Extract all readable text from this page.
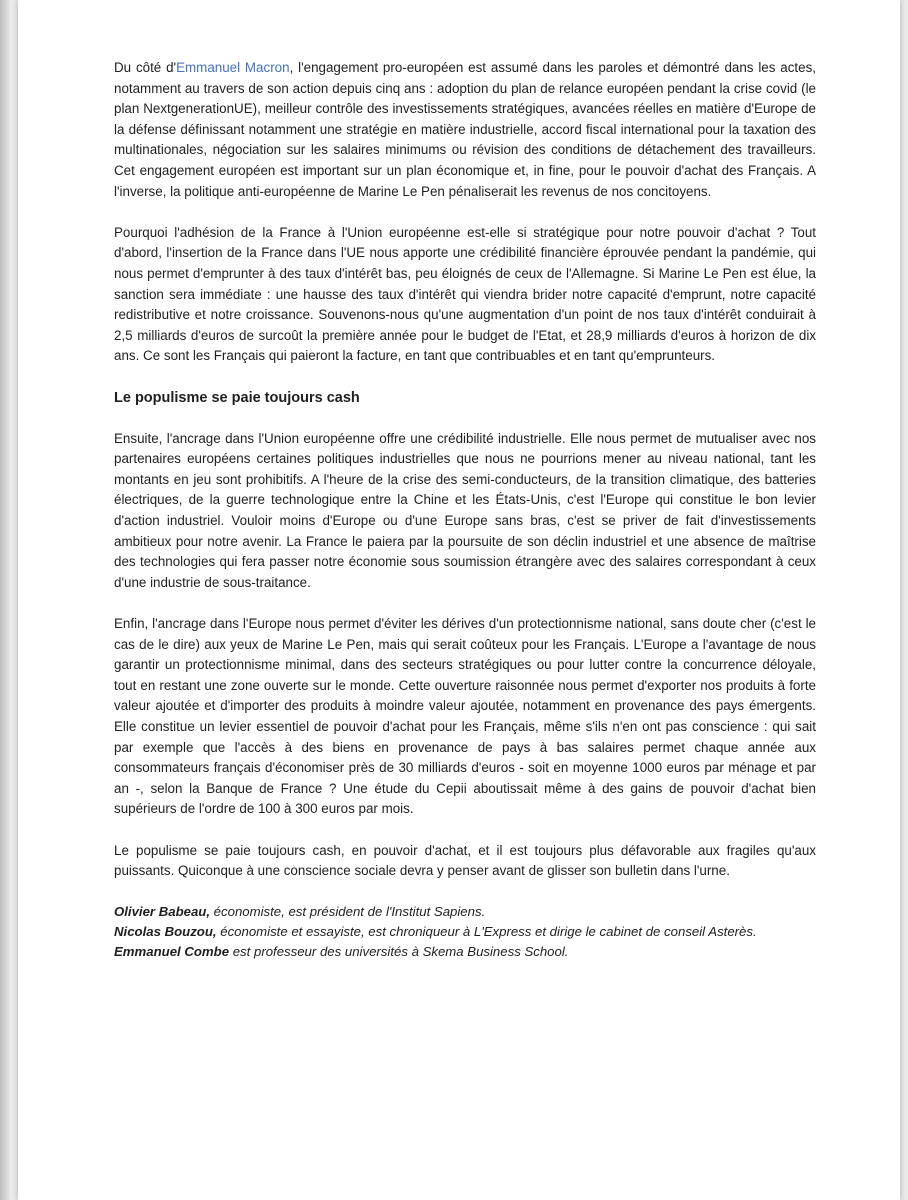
Du côté d'Emmanuel Macron, l'engagement pro-européen est assumé dans les paroles et démontré dans les actes, notamment au travers de son action depuis cinq ans : adoption du plan de relance européen pendant la crise covid (le plan NextgenerationUE), meilleur contrôle des investissements stratégiques, avancées réelles en matière d'Europe de la défense définissant notamment une stratégie en matière industrielle, accord fiscal international pour la taxation des multinationales, négociation sur les salaires minimums ou révision des conditions de détachement des travailleurs. Cet engagement européen est important sur un plan économique et, in fine, pour le pouvoir d'achat des Français. A l'inverse, la politique anti-européenne de Marine Le Pen pénaliserait les revenus de nos concitoyens.

Pourquoi l'adhésion de la France à l'Union européenne est-elle si stratégique pour notre pouvoir d'achat ? Tout d'abord, l'insertion de la France dans l'UE nous apporte une crédibilité financière éprouvée pendant la pandémie, qui nous permet d'emprunter à des taux d'intérêt bas, peu éloignés de ceux de l'Allemagne. Si Marine Le Pen est élue, la sanction sera immédiate : une hausse des taux d'intérêt qui viendra brider notre capacité d'emprunt, notre capacité redistributive et notre croissance. Souvenons-nous qu'une augmentation d'un point de nos taux d'intérêt conduirait à 2,5 milliards d'euros de surcoût la première année pour le budget de l'Etat, et 28,9 milliards d'euros à horizon de dix ans. Ce sont les Français qui paieront la facture, en tant que contribuables et en tant qu'emprunteurs.

Le populisme se paie toujours cash

Ensuite, l'ancrage dans l'Union européenne offre une crédibilité industrielle. Elle nous permet de mutualiser avec nos partenaires européens certaines politiques industrielles que nous ne pourrions mener au niveau national, tant les montants en jeu sont prohibitifs. A l'heure de la crise des semi-conducteurs, de la transition climatique, des batteries électriques, de la guerre technologique entre la Chine et les États-Unis, c'est l'Europe qui constitue le bon levier d'action industriel. Vouloir moins d'Europe ou d'une Europe sans bras, c'est se priver de fait d'investissements ambitieux pour notre avenir. La France le paiera par la poursuite de son déclin industriel et une absence de maîtrise des technologies qui fera passer notre économie sous soumission étrangère avec des salaires correspondant à ceux d'une industrie de sous-traitance.

Enfin, l'ancrage dans l'Europe nous permet d'éviter les dérives d'un protectionnisme national, sans doute cher (c'est le cas de le dire) aux yeux de Marine Le Pen, mais qui serait coûteux pour les Français. L'Europe a l'avantage de nous garantir un protectionnisme minimal, dans des secteurs stratégiques ou pour lutter contre la concurrence déloyale, tout en restant une zone ouverte sur le monde. Cette ouverture raisonnée nous permet d'exporter nos produits à forte valeur ajoutée et d'importer des produits à moindre valeur ajoutée, notamment en provenance des pays émergents. Elle constitue un levier essentiel de pouvoir d'achat pour les Français, même s'ils n'en ont pas conscience : qui sait par exemple que l'accès à des biens en provenance de pays à bas salaires permet chaque année aux consommateurs français d'économiser près de 30 milliards d'euros - soit en moyenne 1000 euros par ménage et par an -, selon la Banque de France ? Une étude du Cepii aboutissait même à des gains de pouvoir d'achat bien supérieurs de l'ordre de 100 à 300 euros par mois.

Le populisme se paie toujours cash, en pouvoir d'achat, et il est toujours plus défavorable aux fragiles qu'aux puissants. Quiconque à une conscience sociale devra y penser avant de glisser son bulletin dans l'urne.

Olivier Babeau, économiste, est président de l'Institut Sapiens.
Nicolas Bouzou, économiste et essayiste, est chroniqueur à L'Express et dirige le cabinet de conseil Asterès.
Emmanuel Combe est professeur des universités à Skema Business School.
